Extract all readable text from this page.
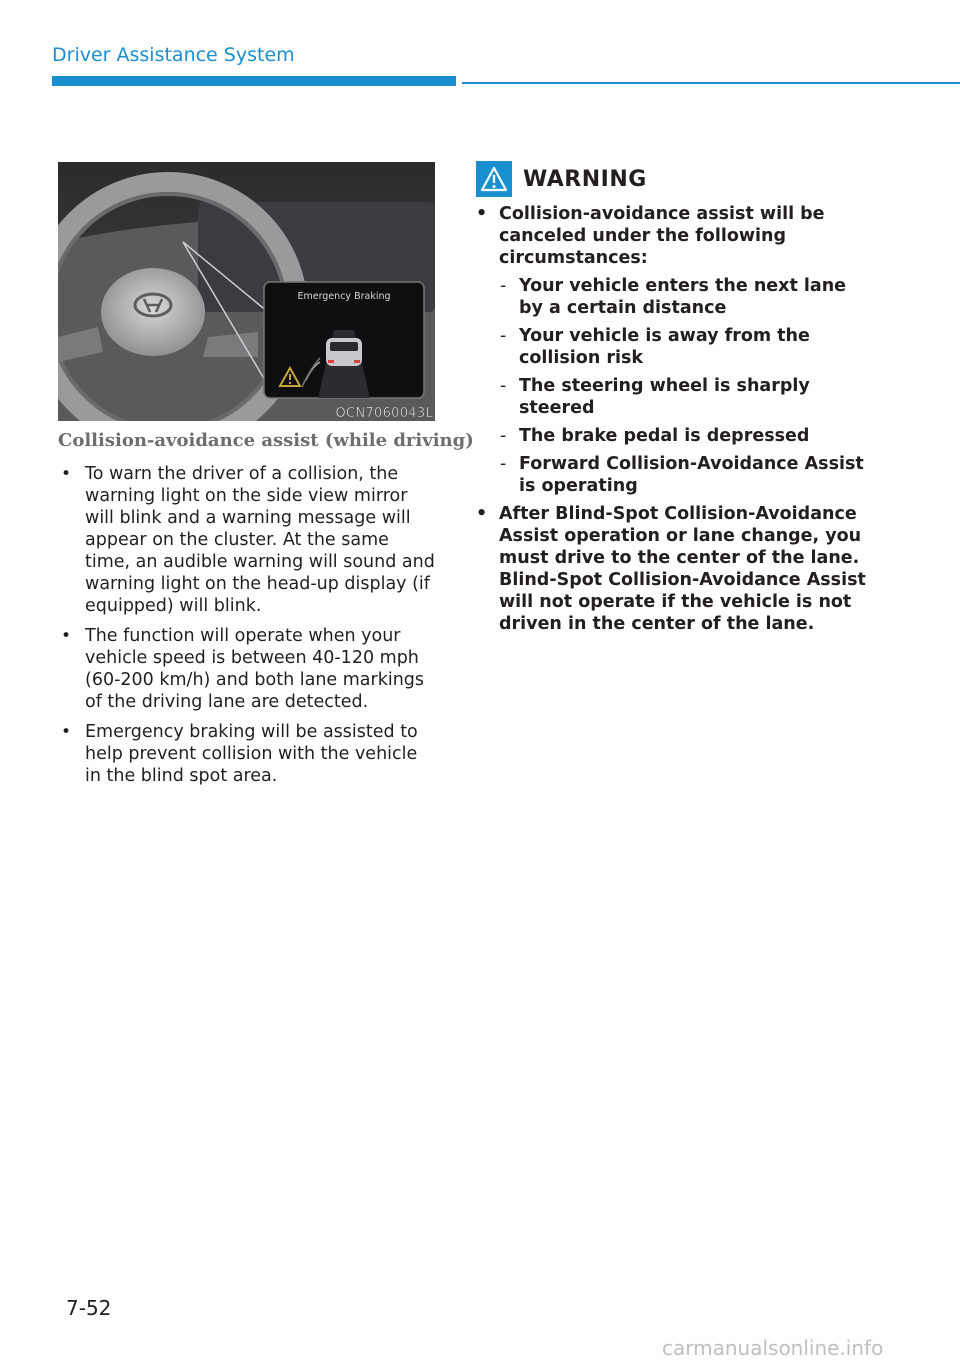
Driver Assistance System
Emergency Braking
OCN7060043L
Collision-avoidance assist (while driving)
• To warn the driver of a collision, the warning light on the side view mirror will blink and a warning message will appear on the cluster. At the same time, an audible warning will sound and warning light on the head-up display (if equipped) will blink.
• The function will operate when your vehicle speed is between 40-120 mph (60-200 km/h) and both lane markings of the driving lane are detected.
• Emergency braking will be assisted to help prevent collision with the vehicle in the blind spot area.
WARNING
• Collision-avoidance assist will be canceled under the following circumstances:
- Your vehicle enters the next lane by a certain distance
- Your vehicle is away from the collision risk
- The steering wheel is sharply steered
- The brake pedal is depressed
- Forward Collision-Avoidance Assist is operating
• After Blind-Spot Collision-Avoidance Assist operation or lane change, you must drive to the center of the lane. Blind-Spot Collision-Avoidance Assist will not operate if the vehicle is not driven in the center of the lane.
7-52
carmanualsonline.info
